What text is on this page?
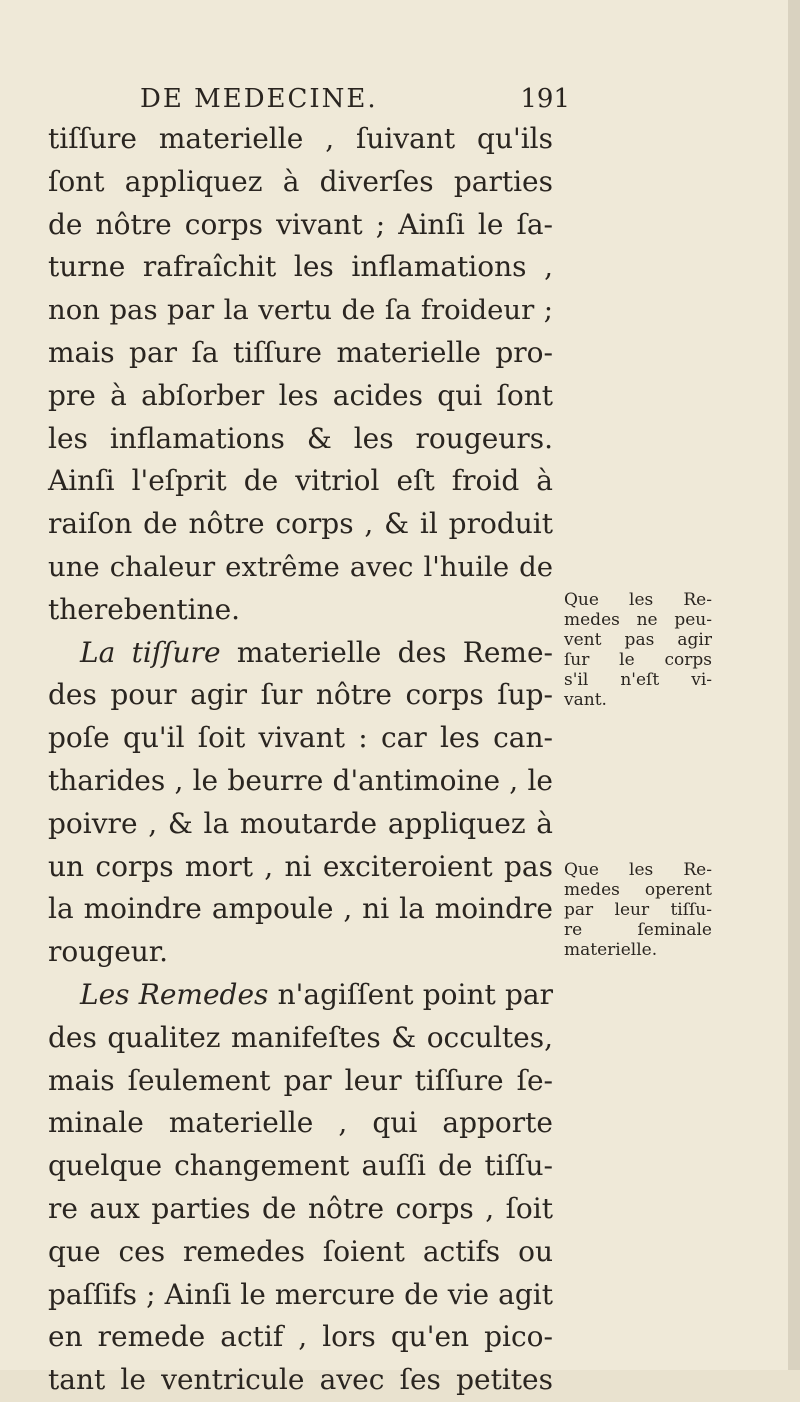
DE MEDECINE.	191
tiſſure materielle , ſuivant qu'ils
ſont appliquez à diverſes parties
de nôtre corps vivant ; Ainſi le ſa-
turne rafraîchit les inflamations ,
non pas par la vertu de ſa froideur ;
mais par ſa tiſſure materielle pro-
pre à abſorber les acides qui ſont
les inflamations & les rougeurs.
Ainſi l'eſprit de vitriol eſt froid à
raiſon de nôtre corps , & il produit
une chaleur extrême avec l'huile de
therebentine.
La tiſſure materielle des Reme-
des pour agir ſur nôtre corps ſup-
poſe qu'il ſoit vivant : car les can-
tharides , le beurre d'antimoine , le
poivre , & la moutarde appliquez à
un corps mort , ni exciteroient pas
la moindre ampoule , ni la moindre
rougeur.
Les Remedes n'agiſſent point par
des qualitez manifeſtes & occultes,
mais ſeulement par leur tiſſure ſe-
minale materielle , qui apporte
quelque changement auſſi de tiſſu-
re aux parties de nôtre corps , ſoit
que ces remedes ſoient actifs ou
paſſifs ; Ainſi le mercure de vie agit
en remede actif , lors qu'en pico-
tant le ventricule avec ſes petites
Que les Re-
medes ne peu-
vent pas agir
ſur le corps
s'il n'eſt vi-
vant.
Que les Re-
medes operent
par leur tiſſu-
re ſeminale
materielle.
